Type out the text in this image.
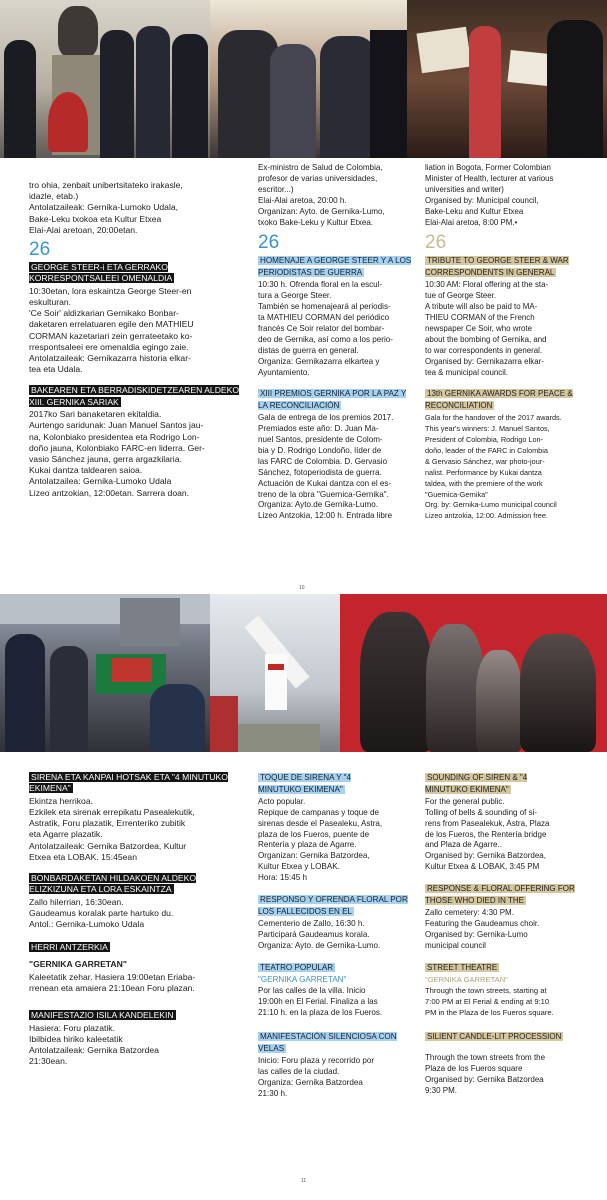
tro ohia, zenbait unibertsitateko irakasle,

idazle, etab.)

Antolatzaileak: Gernika-Lumoko Udala,

Bake-Leku txokoa eta Kultur Etxea

Elai-Alai aretoan, 20:00etan.

26
GEORGE STEER-i ETA GERRAKO KORRESPONTSALEEI OMENALDIA

10:30etan, lora eskaintza George Steer-en

eskulturan.

'Ce Soir' aldizkarian Gernikako Bonbar-

daketaren errelatuaren egile den MATHIEU

CORMAN kazetariari zein gerrateetako ko-

rrespontsaleei ere omenaldia egingo zaie.

Antolatzaileak: Gernikazarra historia elkar-

tea eta Udala.

BAKEAREN ETA BERRADISKIDETZEAREN ALDEKO XIII. GERNIKA SARIAK

2017ko Sari banaketaren ekitaldia.

Aurtengo saridunak: Juan Manuel Santos jau-

na, Kolonbiako presidentea eta Rodrigo Lon-

doño jauna, Kolonbiako FARC-en liderra. Ger-

vasio Sánchez jauna, gerra argazkilaria.

Kukai dantza taldearen saioa.

Antolatzailea: Gernika-Lumoko Udala

Lizeo antzokian, 12:00etan. Sarrera doan.

Ex-ministro de Salud de Colombia,

profesor de varias universidades,

escritor...)

Elai-Alai aretoa, 20:00 h.

Organizan: Ayto. de Gernika-Lumo,

txoko Bake-Leku y Kultur Etxea.

26
HOMENAJE A GEORGE STEER Y A LOS PERIODISTAS DE GUERRA

10:30 h. Ofrenda floral en la escul-

tura a George Steer.

También se homenajeará al periodis-

ta MATHIEU CORMAN del periódico

francés Ce Soir relator del bombar-

deo de Gernika, así como a los perio-

distas de guerra en general.

Organiza: Gernikazarra elkartea y

Ayuntamiento.

XIII PREMIOS GERNIKA POR LA PAZ Y LA RECONCILIACIÓN

Gala de entrega de los premios 2017.

Premiados este año: D. Juan Ma-

nuel Santos, presidente de Colom-

bia y D. Rodrigo Londoño, líder de

las FARC de Colombia. D. Gervasio

Sánchez, fotoperiodista de guerra.

Actuación de Kukai dantza con el es-

treno de la obra "Guernica-Gernika".

Organiza: Ayto.de Gernika-Lumo.

Lizeo Antzokia, 12:00 h. Entrada libre

liation in Bogota, Former Colombian

Minister of Health, lecturer at various

universities and writer)

Organised by: Municipal council,

Bake-Leku and Kultur Etxea

Elai-Alai aretoa, 8:00 PM.•

26
TRIBUTE TO GEORGE STEER & WAR CORRESPONDENTS IN GENERAL

10:30 AM: Floral offering at the sta-

tue of George Steer.

A tribute will also be paid to MA-

THIEU CORMAN of the French

newspaper Ce Soir, who wrote

about the bombing of Gernika, and

to war correspondents in general.

Organised by: Gernikazarra elkar-

tea & municipal council.

13th GERNIKA AWARDS FOR PEACE & RECONCILIATION

Gala for the handover of the 2017 awards.

This year's winners: J. Manuel Santos,

President of Colombia, Rodrigo Lon-

doño, leader of the FARC in Colombia

& Gervasio Sánchez, war photo-jour-

nalist. Performance by Kukai dantza

taldea, with the premiere of the work

"Guernica-Gernika"

Org. by: Gernika-Lumo municipal council

Lizeo antzokia, 12:00. Admission free.

10
SIRENA ETA KANPAI HOTSAK ETA "4 MINUTUKO EKIMENA"

Ekintza herrikoa.

Ezkilek eta sirenak errepikatu Pasealekutik,

Astratik, Foru plazatik, Errenteriko zubitik

eta Agarre plazatik.

Antolatzaileak: Gernika Batzordea, Kultur

Etxea eta LOBAK. 15:45ean

BONBARDAKETAN HILDAKOEN ALDEKO ELIZKIZUNA ETA LORA ESKAINTZA

Zallo hilerrian, 16:30ean.

Gaudeamus koralak parte hartuko du.

Antol.: Gernika-Lumoko Udala

HERRI ANTZERKIA
"GERNIKA GARRETAN"

Kaleetatik zehar. Hasiera 19:00etan Eriaba-

rrenean eta amaiera 21:10ean Foru plazan.

MANIFESTAZIO ISILA KANDELEKIN

Hasiera: Foru plazatik.

Ibilbidea hiriko kaleetatik

Antolatzaileak: Gernika Batzordea

21:30ean.

TOQUE DE SIRENA Y "4 MINUTUKO EKIMENA"

Acto popular.

Repique de campanas y toque de

sirenas desde el Pasealeku, Astra,

plaza de los Fueros, puente de

Rentería y plaza de Agarre.

Organizan: Gernika Batzordea,

Kultur Etxea y LOBAK.

Hora: 15:45 h

RESPONSO Y OFRENDA FLORAL POR LOS FALLECIDOS EN EL

Cementerio de Zallo, 16:30 h.

Participará Gaudeamus korala.

Organiza: Ayto. de Gernika-Lumo.

TEATRO POPULAR
"GERNIKA GARRETAN"

Por las calles de la villa. Inicio

19:00h en El Ferial. Finaliza a las

21:10 h. en la plaza de los Fueros.

MANIFESTACIÓN SILENCIOSA CON VELAS

Inicio: Foru plaza y recorrido por

las calles de la ciudad.

Organiza: Gernika Batzordea

21:30 h.

SOUNDING OF SIREN & "4 MINUTUKO EKIMENA"

For the general public.

Tolling of bells & sounding of si-

rens from Pasealekuk, Astra, Plaza

de los Fueros, the Rentería bridge

and Plaza de Agarre..

Organised by: Gernika Batzordea,

Kultur Etxea & LOBAK, 3:45 PM

RESPONSE & FLORAL OFFERING FOR THOSE WHO DIED IN THE

Zallo cemetery: 4:30 PM.

Featuring the Gaudeamus choir.

Organised by: Gernika-Lumo

municipal council

STREET THEATRE
"GERNIKA GARRETAN"

Through the town streets, starting at

7:00 PM at El Ferial & ending at 9:10

PM in the Plaza de los Fueros square.

SILIENT CANDLE-LIT PROCESSION

Through the town streets from the

Plaza de los Fueros square

Organised by: Gernika Batzordea

9:30 PM.

11
